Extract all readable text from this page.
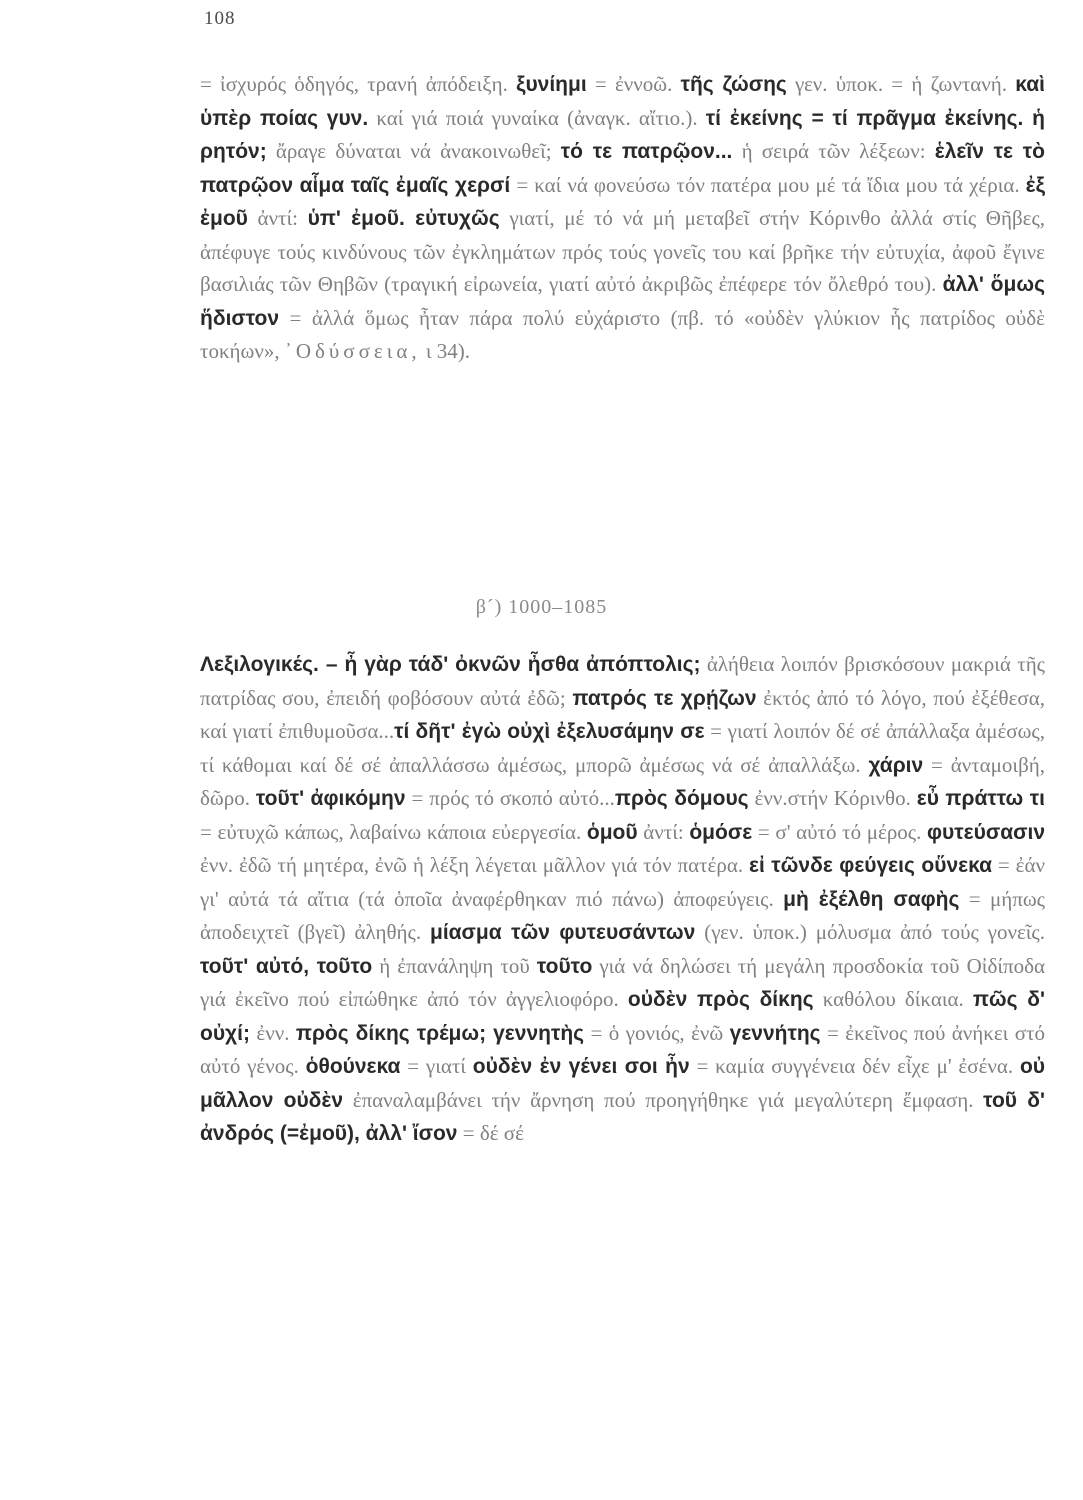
108
= ἰσχυρός ὁδηγός, τρανή ἀπόδειξη. ξυνίημι = ἐννοῶ. τῆς ζώσης γεν. ὑποκ. = ἡ ζωντανή. καὶ ὑπὲρ ποίας γυν. καί γιά ποιά γυναίκα (ἀναγκ. αἴτιο.). τί ἐκείνης = τί πρᾶγμα ἐκείνης. ἡ ρητόν; ἄραγε δύναται νά ἀνακοινωθεῖ; τό τε πατρῷον... ἡ σειρά τῶν λέξεων: ἑλεῖν τε τὸ πατρῷον αἷμα ταῖς ἐμαῖς χερσί = καί νά φονεύσω τόν πατέρα μου μέ τά ἴδια μου τά χέρια. ἐξ ἐμοῦ ἀντί: ὑπ' ἐμοῦ. εὐτυχῶς γιατί, μέ τό νά μή μεταβεῖ στήν Κόρινθο ἀλλά στίς Θῆβες, ἀπέφυγε τούς κινδύνους τῶν ἐγκλημάτων πρός τούς γονεῖς του καί βρῆκε τήν εὐτυχία, ἀφοῦ ἔγινε βασιλιάς τῶν Θηβῶν (τραγική εἰρωνεία, γιατί αὐτό ἀκριβῶς ἐπέφερε τόν ὄλεθρό του). ἀλλ' ὅμως ἥδιστον = ἀλλά ὅμως ἦταν πάρα πολύ εὐχάριστο (πβ. τό «οὐδὲν γλύκιον ἧς πατρίδος οὐδὲ τοκήων», ᾿Οδύσσεια, ι 34).
β´) 1000–1085
Λεξιλογικές. – ἦ γὰρ τάδ' ὀκνῶν ἦσθα ἀπόπτολις; ἀλήθεια λοιπόν βρισκόσουν μακριά τῆς πατρίδας σου, ἐπειδή φοβόσουν αὐτά ἐδῶ; πατρός τε χρῄζων ἐκτός ἀπό τό λόγο, πού ἐξέθεσα, καί γιατί ἐπιθυμοῦσα...τί δῆτ' ἐγὼ οὐχὶ ἐξελυσάμην σε = γιατί λοιπόν δέ σέ ἀπάλλαξα ἀμέσως, τί κάθομαι καί δέ σέ ἀπαλλάσσω ἀμέσως, μπορῶ ἀμέσως νά σέ ἀπαλλάξω. χάριν = ἀνταμοιβή, δῶρο. τοῦτ' ἀφικόμην = πρός τό σκοπό αὐτό...πρὸς δόμους ἐνν.στήν Κόρινθο. εὖ πράττω τι = εὐτυχῶ κάπως, λαβαίνω κάποια εὐεργεσία. ὁμοῦ ἀντί: ὁμόσε = σ' αὐτό τό μέρος. φυτεύσασιν ἐνν. ἐδῶ τή μητέρα, ἐνῶ ἡ λέξη λέγεται μᾶλλον γιά τόν πατέρα. εἰ τῶνδε φεύγεις οὕνεκα = ἐάν γι' αὐτά τά αἴτια (τά ὁποῖα ἀναφέρθηκαν πιό πάνω) ἀποφεύγεις. μὴ ἐξέλθη σαφὴς = μήπως ἀποδειχτεῖ (βγεῖ) ἀληθής. μίασμα τῶν φυτευσάντων (γεν. ὑποκ.) μόλυσμα ἀπό τούς γονεῖς. τοῦτ' αὐτό, τοῦτο ἡ ἐπανάληψη τοῦ τοῦτο γιά νά δηλώσει τή μεγάλη προσδοκία τοῦ Οἰδίποδα γιά ἐκεῖνο πού εἰπώθηκε ἀπό τόν ἀγγελιοφόρο. οὐδὲν πρὸς δίκης καθόλου δίκαια. πῶς δ' οὐχί; ἐνν. πρὸς δίκης τρέμω; γεννητὴς = ὁ γονιός, ἐνῶ γεννήτης = ἐκεῖνος πού ἀνήκει στό αὐτό γένος. ὁθούνεκα = γιατί οὐδὲν ἐν γένει σοι ἦν = καμία συγγένεια δέν εἶχε μ' ἐσένα. οὐ μᾶλλον οὐδὲν ἐπαναλαμβάνει τήν ἄρνηση πού προηγήθηκε γιά μεγαλύτερη ἔμφαση. τοῦ δ' ἀνδρός (=ἐμοῦ), ἀλλ' ἴσον = δέ σέ
